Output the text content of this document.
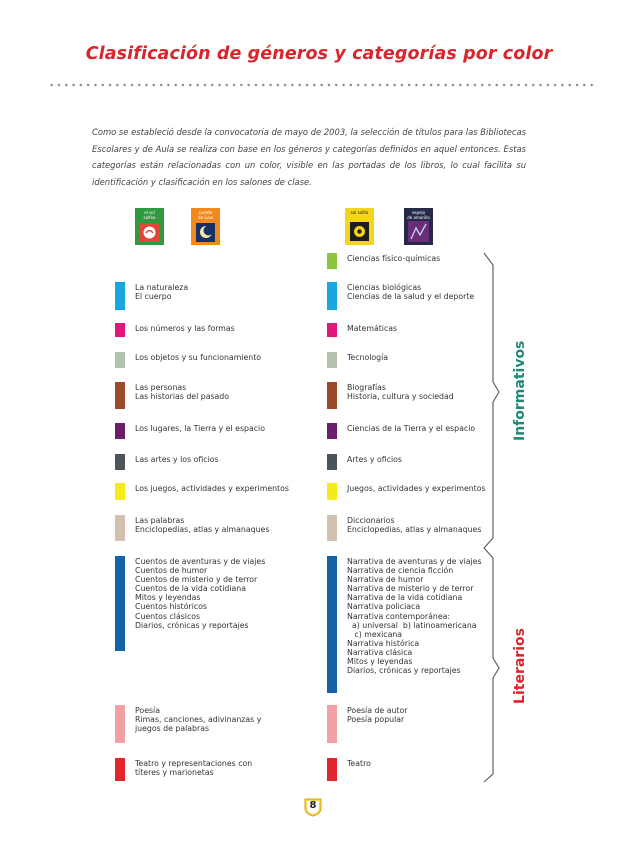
Clasificación de géneros y categorías por color

Como se estableció desde la convocatoria de mayo de 2003, la selección de títulos para las Bibliotecas Escolares y de Aula se realiza con base en los géneros y categorías definidos en aquel entonces. Estas categorías están relacionadas con un color, visible en las portadas de los libros, lo cual facilita su identificación y clasificación en los salones de clase.

el sol
solfea
cuento
de luna
sol solito	espejo
de amarilla
La naturaleza
El cuerpo
Los números y las formas
Los objetos y su funcionamiento
Las personas
Las historias del pasado
Los lugares, la Tierra y el espacio
Las artes y los oficios
Los juegos, actividades y experimentos
Las palabras
Enciclopedias, atlas y almanaques
Cuentos de aventuras y de viajes
Cuentos de humor
Cuentos de misterio y de terror
Cuentos de la vida cotidiana
Mitos y leyendas
Cuentos históricos
Cuentos clásicos
Diarios, crónicas y reportajes
Poesía
Rimas, canciones, adivinanzas y
juegos de palabras
Teatro y representaciones con
títeres y marionetas
Ciencias físico-químicas
Ciencias biológicas
Ciencias de la salud y el deporte
Matemáticas
Tecnología
Biografías
Historia, cultura y sociedad
Ciencias de la Tierra y el espacio
Artes y oficios
Juegos, actividades y experimentos
Diccionarios
Enciclopedias, atlas y almanaques
Narrativa de aventuras y de viajes
Narrativa de ciencia ficción
Narrativa de humor
Narrativa de misterio y de terror
Narrativa de la vida cotidiana
Narrativa policiaca
Narrativa contemporánea:
a) universal  b) latinoamericana
c) mexicana
Narrativa histórica
Narrativa clásica
Mitos y leyendas
Diarios, crónicas y reportajes
Poesía de autor
Poesía popular
Teatro
Informativos
Literarios
8
